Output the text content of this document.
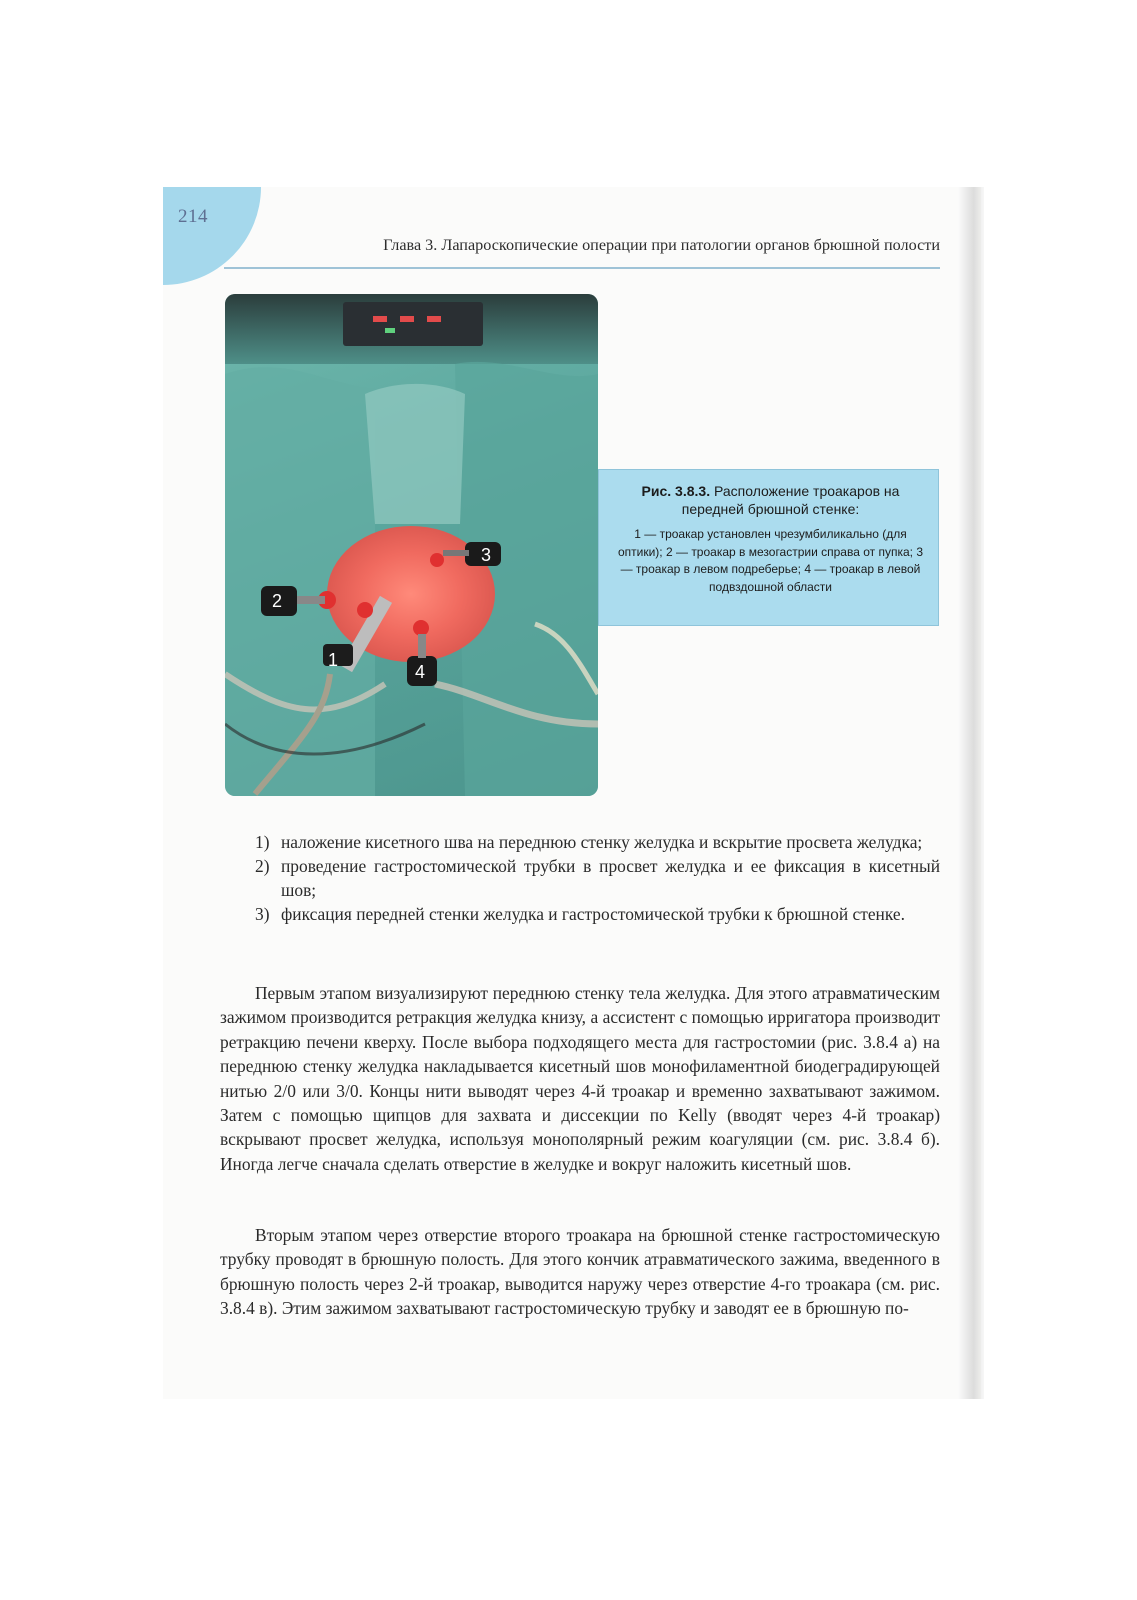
214

Глава 3. Лапароскопические операции при патологии органов брюшной полости

1
2
3
4

Рис. 3.8.3. Расположение троакаров на передней брюшной стенке:

1 — троакар установлен чрезумбиликально (для оптики); 2 — троакар в мезогастрии справа от пупка; 3 — троакар в левом подреберье; 4 — троакар в левой подвздошной области

1) наложение кисетного шва на переднюю стенку желудка и вскрытие просвета желудка;
2) проведение гастростомической трубки в просвет желудка и ее фиксация в кисетный шов;
3) фиксация передней стенки желудка и гастростомической трубки к брюшной стенке.

Первым этапом визуализируют переднюю стенку тела желудка. Для этого атравматическим зажимом производится ретракция желудка книзу, а ассистент с помощью ирригатора производит ретракцию печени кверху. После выбора подходящего места для гастростомии (рис. 3.8.4 а) на переднюю стенку желудка накладывается кисетный шов монофиламентной биодеградирующей нитью 2/0 или 3/0. Концы нити выводят через 4-й троакар и временно захватывают зажимом. Затем с помощью щипцов для захвата и диссекции по Kelly (вводят через 4-й троакар) вскрывают просвет желудка, используя монополярный режим коагуляции (см. рис. 3.8.4 б). Иногда легче сначала сделать отверстие в желудке и вокруг наложить кисетный шов.

Вторым этапом через отверстие второго троакара на брюшной стенке гастростомическую трубку проводят в брюшную полость. Для этого кончик атравматического зажима, введенного в брюшную полость через 2-й троакар, выводится наружу через отверстие 4-го троакара (см. рис. 3.8.4 в). Этим зажимом захватывают гастростомическую трубку и заводят ее в брюшную по-
